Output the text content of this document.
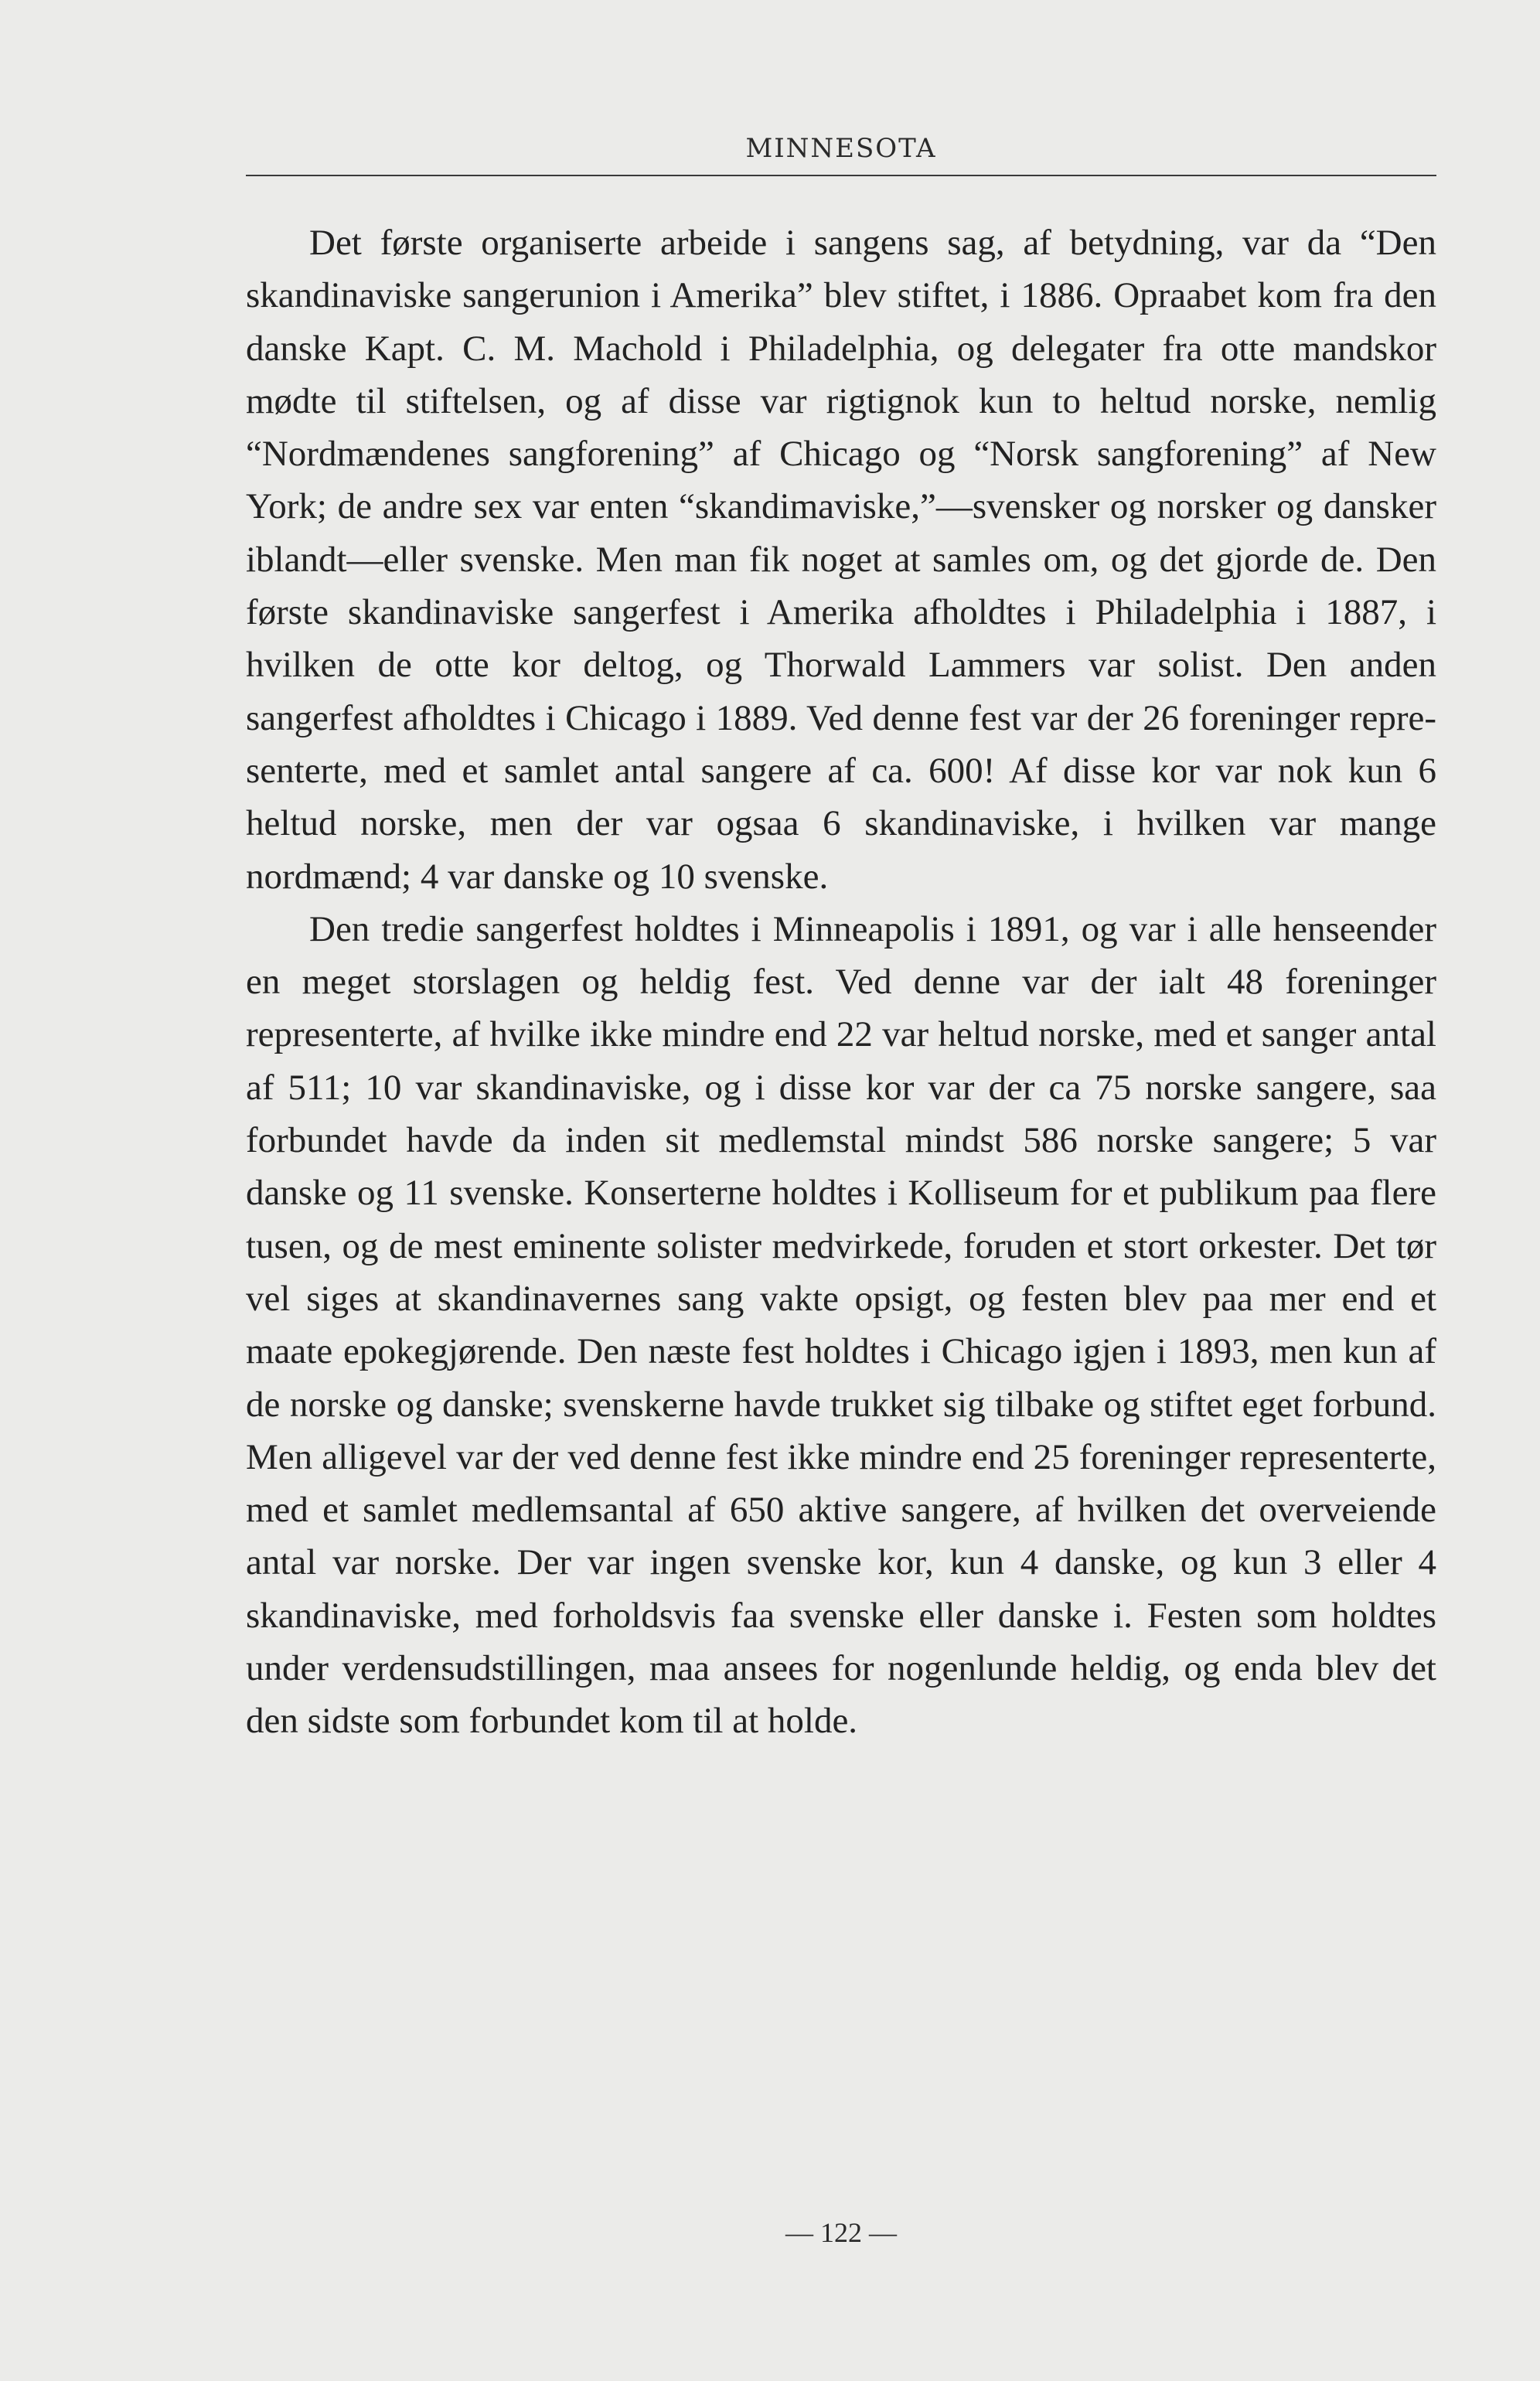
MINNESOTA

Det første organiserte arbeide i sangens sag, af betydning, var da “Den skandinaviske sangerunion i Amerika” blev stiftet, i 1886. Opraabet kom fra den danske Kapt. C. M. Machold i Philadelphia, og delegater fra otte mandskor mødte til stiftelsen, og af disse var rigtignok kun to heltud norske, nemlig “Nordmændenes sangforening” af Chicago og “Norsk sangforening” af New York; de andre sex var enten “skandimaviske,”—svensker og norsker og dansker iblandt—eller svenske. Men man fik noget at samles om, og det gjorde de. Den første skandinaviske sangerfest i Amerika afholdtes i Philadelphia i 1887, i hvilken de otte kor deltog, og Thorwald Lammers var solist. Den anden sangerfest afholdtes i Chicago i 1889. Ved denne fest var der 26 foreninger representerte, med et samlet antal sangere af ca. 600! Af disse kor var nok kun 6 heltud norske, men der var ogsaa 6 skandinaviske, i hvilken var mange nordmænd; 4 var danske og 10 svenske.

Den tredie sangerfest holdtes i Minneapolis i 1891, og var i alle henseender en meget storslagen og heldig fest. Ved denne var der ialt 48 foreninger representerte, af hvilke ikke mindre end 22 var heltud norske, med et sanger antal af 511; 10 var skandinaviske, og i disse kor var der ca 75 norske sangere, saa forbundet havde da inden sit medlemstal mindst 586 norske sangere; 5 var danske og 11 svenske. Konserterne holdtes i Kolliseum for et publikum paa flere tusen, og de mest eminente solister medvirkede, foruden et stort orkester. Det tør vel siges at skandinavernes sang vakte opsigt, og festen blev paa mer end et maate epokegjørende. Den næste fest holdtes i Chicago igjen i 1893, men kun af de norske og danske; svenskerne havde trukket sig tilbake og stiftet eget forbund. Men alligevel var der ved denne fest ikke mindre end 25 foreninger representerte, med et samlet medlemsantal af 650 aktive sangere, af hvilken det overveiende antal var norske. Der var ingen svenske kor, kun 4 danske, og kun 3 eller 4 skandinaviske, med forholdsvis faa svenske eller danske i. Festen som holdtes under verdensudstillingen, maa ansees for nogenlunde heldig, og enda blev det den sidste som forbundet kom til at holde.

— 122 —
